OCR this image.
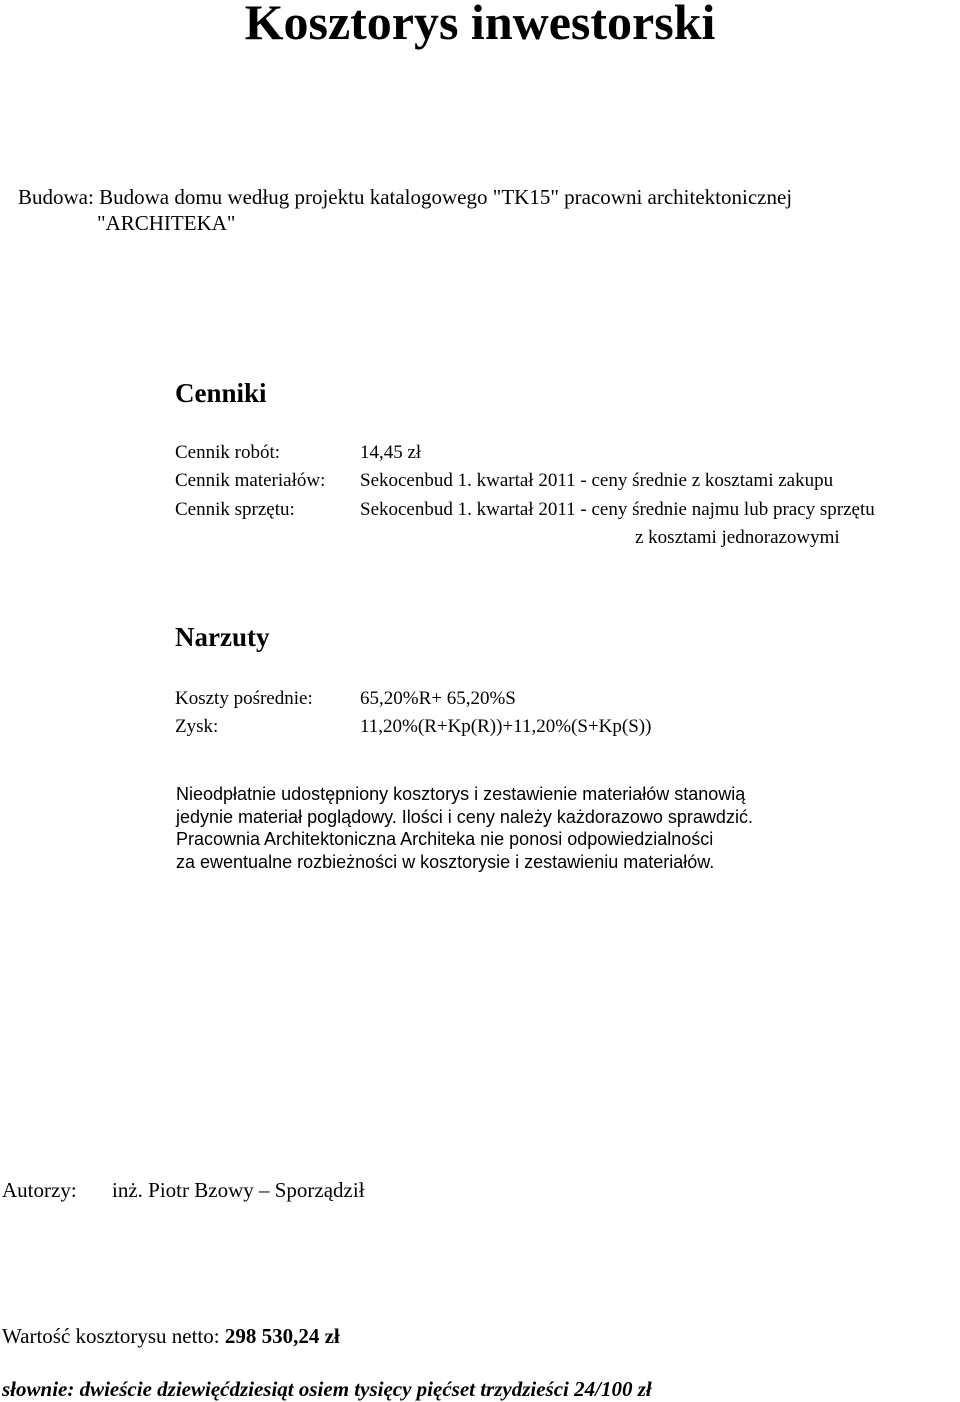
Kosztorys inwestorski
Budowa: Budowa domu według projektu katalogowego "TK15" pracowni architektonicznej
"ARCHITEKA"
Cenniki
Cennik robót:	14,45 zł
Cennik materiałów: Sekocenbud 1. kwartał 2011 - ceny średnie z kosztami zakupu
Cennik sprzętu:	Sekocenbud 1. kwartał 2011 - ceny średnie najmu lub pracy sprzętu
z kosztami jednorazowymi
Narzuty
Koszty pośrednie: 65,20%R+ 65,20%S
Zysk:	11,20%(R+Kp(R))+11,20%(S+Kp(S))
Nieodpłatnie udostępniony kosztorys i zestawienie materiałów stanowią
jedynie materiał poglądowy. Ilości i ceny należy każdorazowo sprawdzić.
Pracownia Architektoniczna Architeka nie ponosi odpowiedzialności
za ewentualne rozbieżności w kosztorysie i zestawieniu materiałów.
Autorzy: inż. Piotr Bzowy – Sporządził
Wartość kosztorysu netto: 298 530,24 zł
słownie: dwieście dziewięćdziesiąt osiem tysięcy pięćset trzydzieści 24/100 zł
